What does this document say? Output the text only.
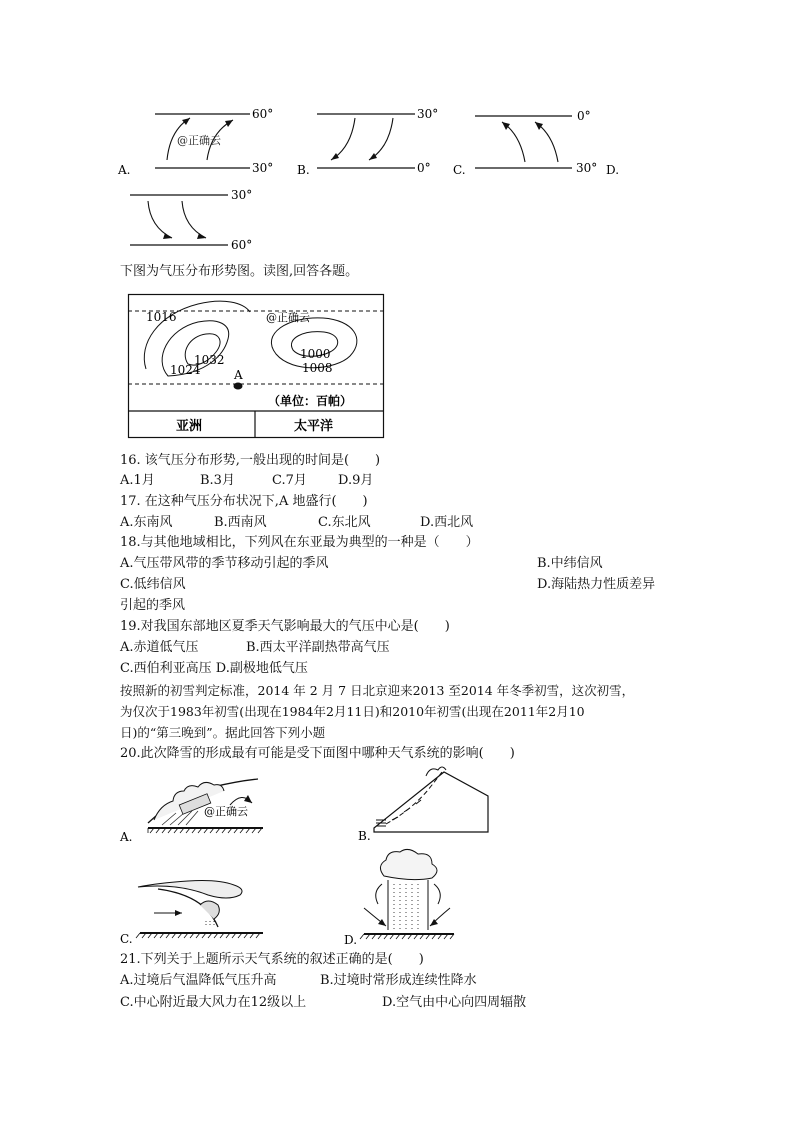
60°
30°
@正确云
A.
30°
0°
B.
0°
30°
C.	D.
30°
60°
下图为气压分布形势图。读图,回答各题。
1016
1032
1024
1000
1008
@正确云
A
（单位：百帕）
亚洲	太平洋
16. 该气压分布形势,一般出现的时间是(　　)
A.1月	B.3月	C.7月 D.9月
17. 在这种气压分布状况下,A 地盛行(　　)
A.东南风	B.西南风	C.东北风	D.西北风
18.与其他地域相比，下列风在东亚最为典型的一种是（　　）
A.气压带风带的季节移动引起的季风	B.中纬信风
C.低纬信风	D.海陆热力性质差异
引起的季风
19.对我国东部地区夏季天气影响最大的气压中心是(　　)
A.赤道低气压	B.西太平洋副热带高气压
C.西伯利亚高压 D.副极地低气压
按照新的初雪判定标准，2014 年 2 月 7 日北京迎来2013 至2014 年冬季初雪，这次初雪，
为仅次于1983年初雪(出现在1984年2月11日)和2010年初雪(出现在2011年2月10
日)的“第三晚到”。据此回答下列小题
20.此次降雪的形成最有可能是受下面图中哪种天气系统的影响(　　)
@正确云
A.	B.
C.	D.
21.下列关于上题所示天气系统的叙述正确的是(　　)
A.过境后气温降低气压升高	B.过境时常形成连续性降水
C.中心附近最大风力在12级以上	D.空气由中心向四周辐散
